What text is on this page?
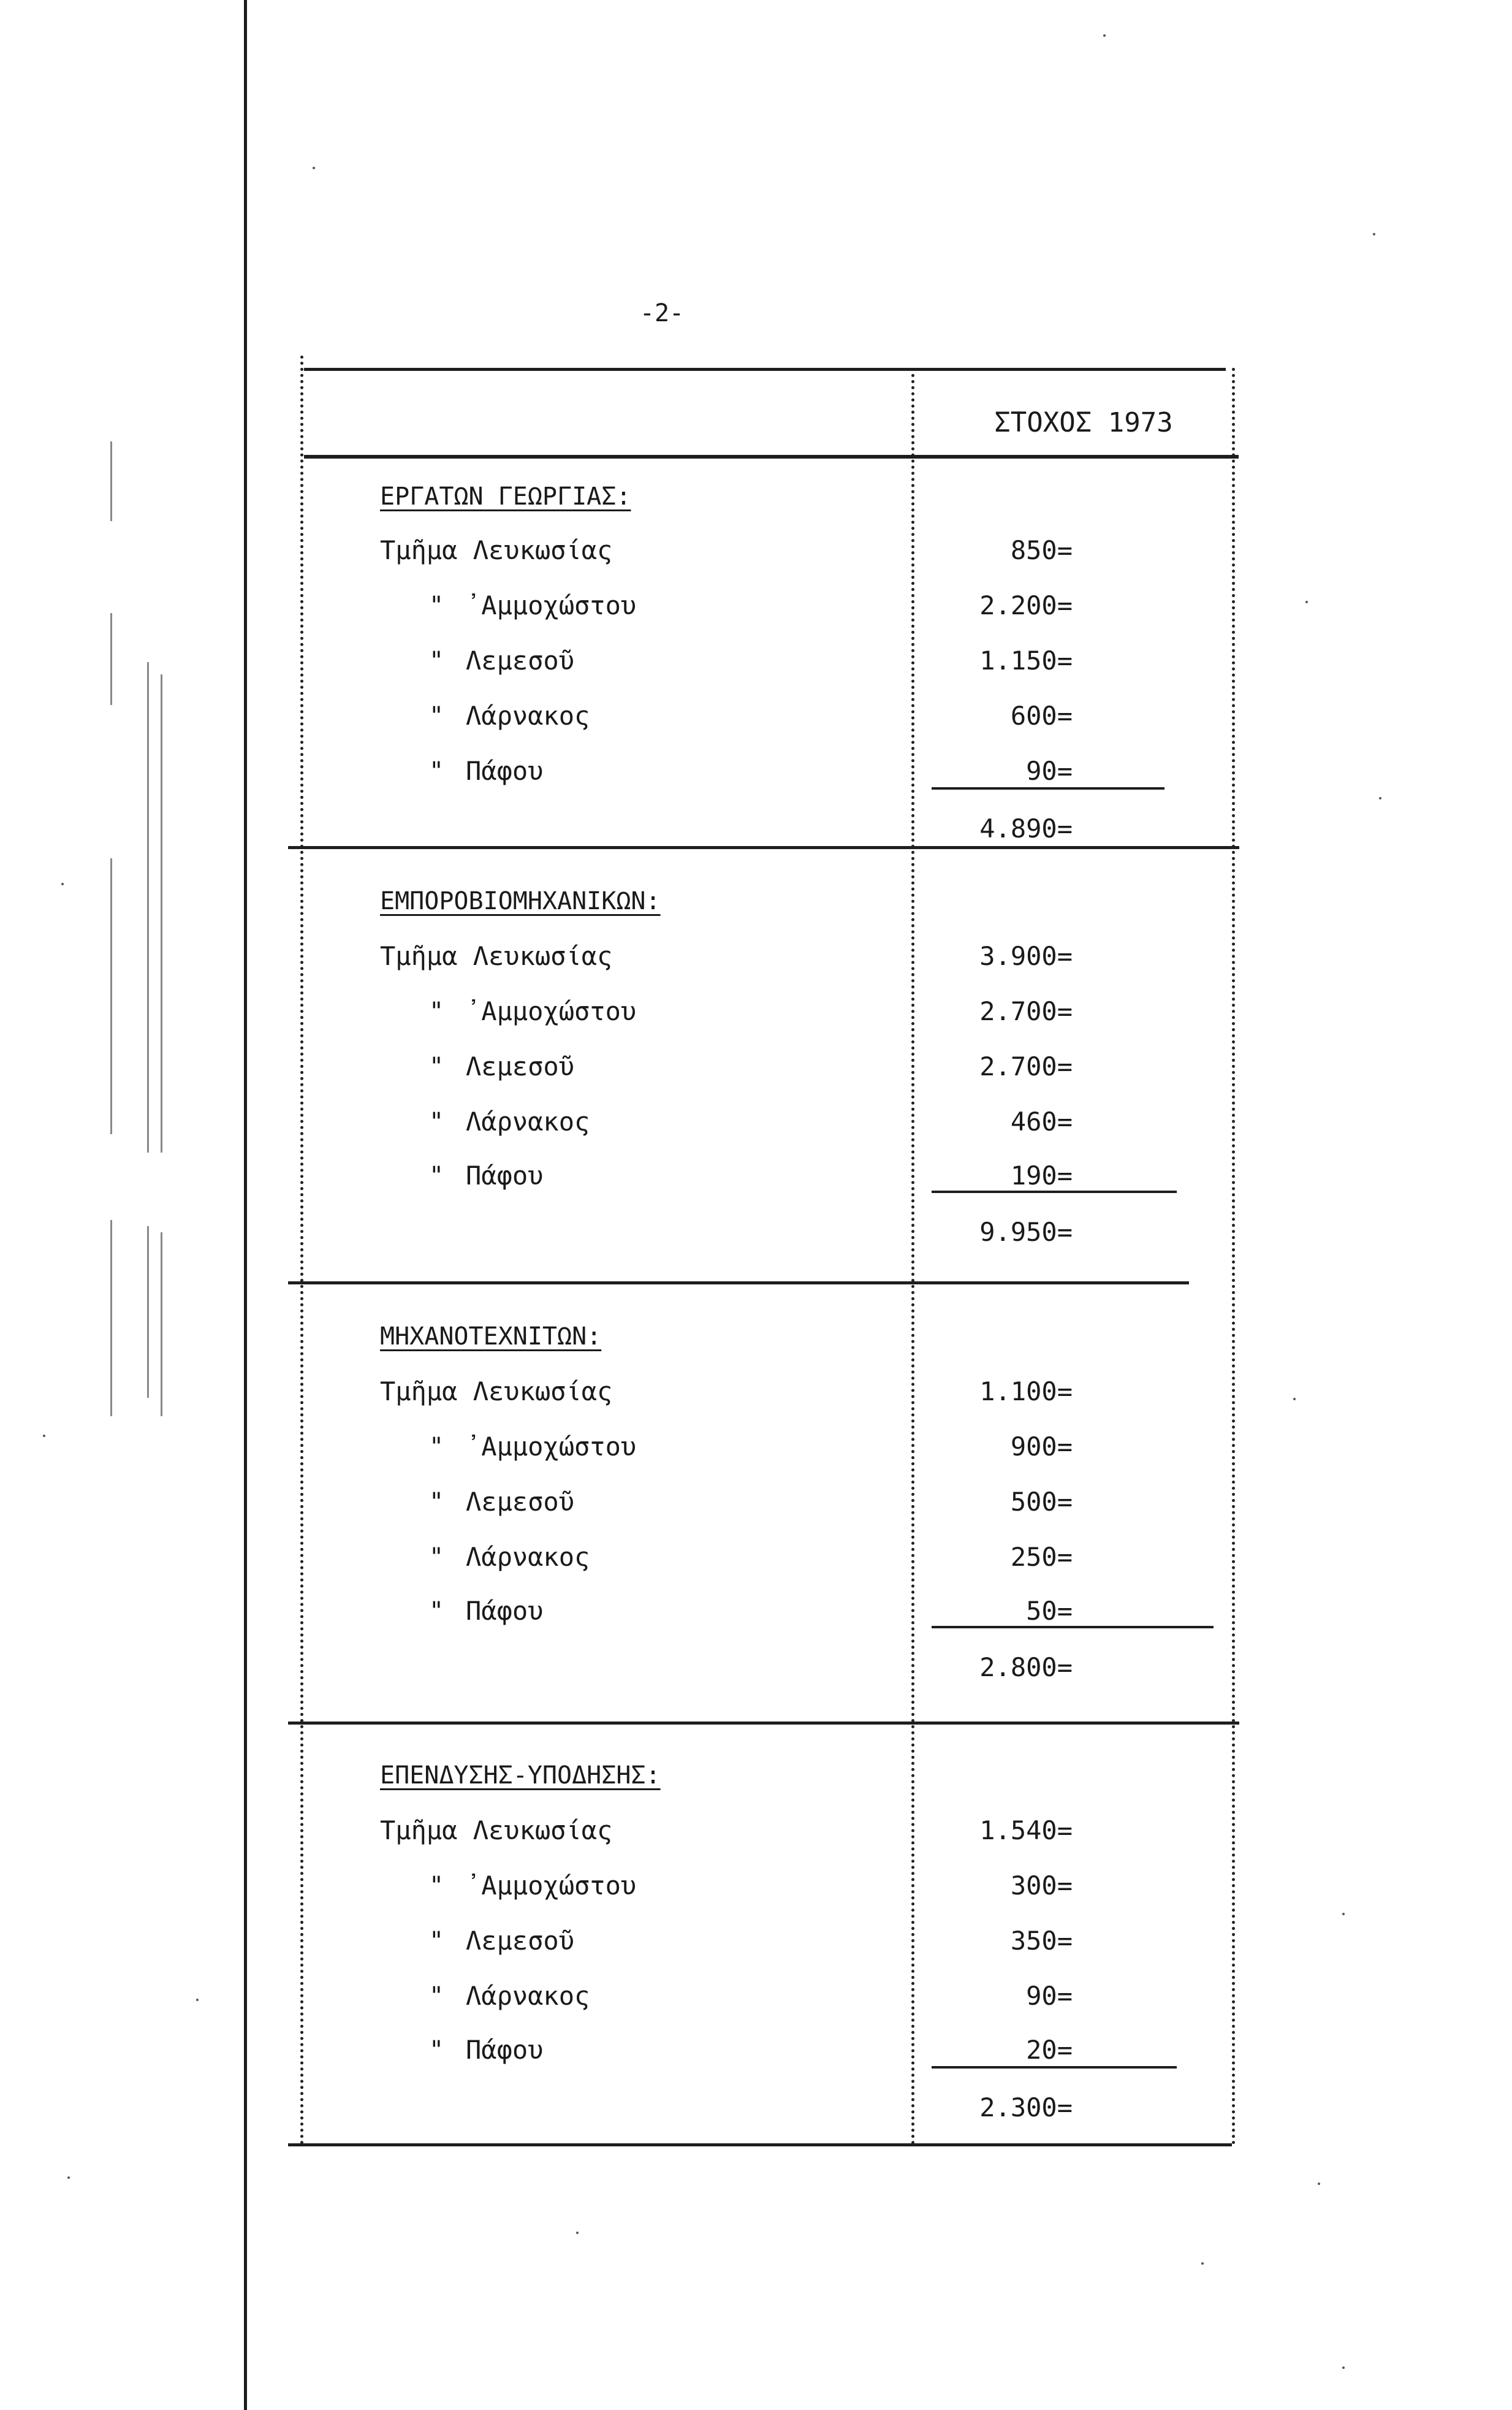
-2-
ΣΤΟΧΟΣ 1973
ΕΡΓΑΤΩΝ ΓΕΩΡΓΙΑΣ:
Τμῆμα Λευκωσίας	850=
" ᾿Αμμοχώστου	2.200=
" Λεμεσοῦ	1.150=
" Λάρνακος	600=
" Πάφου	90=
4.890=
ΕΜΠΟΡΟΒΙΟΜΗΧΑΝΙΚΩΝ:
Τμῆμα Λευκωσίας	3.900=
" ᾿Αμμοχώστου	2.700=
" Λεμεσοῦ	2.700=
" Λάρνακος	460=
" Πάφου	190=
9.950=
ΜΗΧΑΝΟΤΕΧΝΙΤΩΝ:
Τμῆμα Λευκωσίας	1.100=
" ᾿Αμμοχώστου	900=
" Λεμεσοῦ	500=
" Λάρνακος	250=
" Πάφου	50=
2.800=
ΕΠΕΝΔΥΣΗΣ-ΥΠΟΔΗΣΗΣ:
Τμῆμα Λευκωσίας	1.540=
" ᾿Αμμοχώστου	300=
" Λεμεσοῦ	350=
" Λάρνακος	90=
" Πάφου	20=
2.300=
